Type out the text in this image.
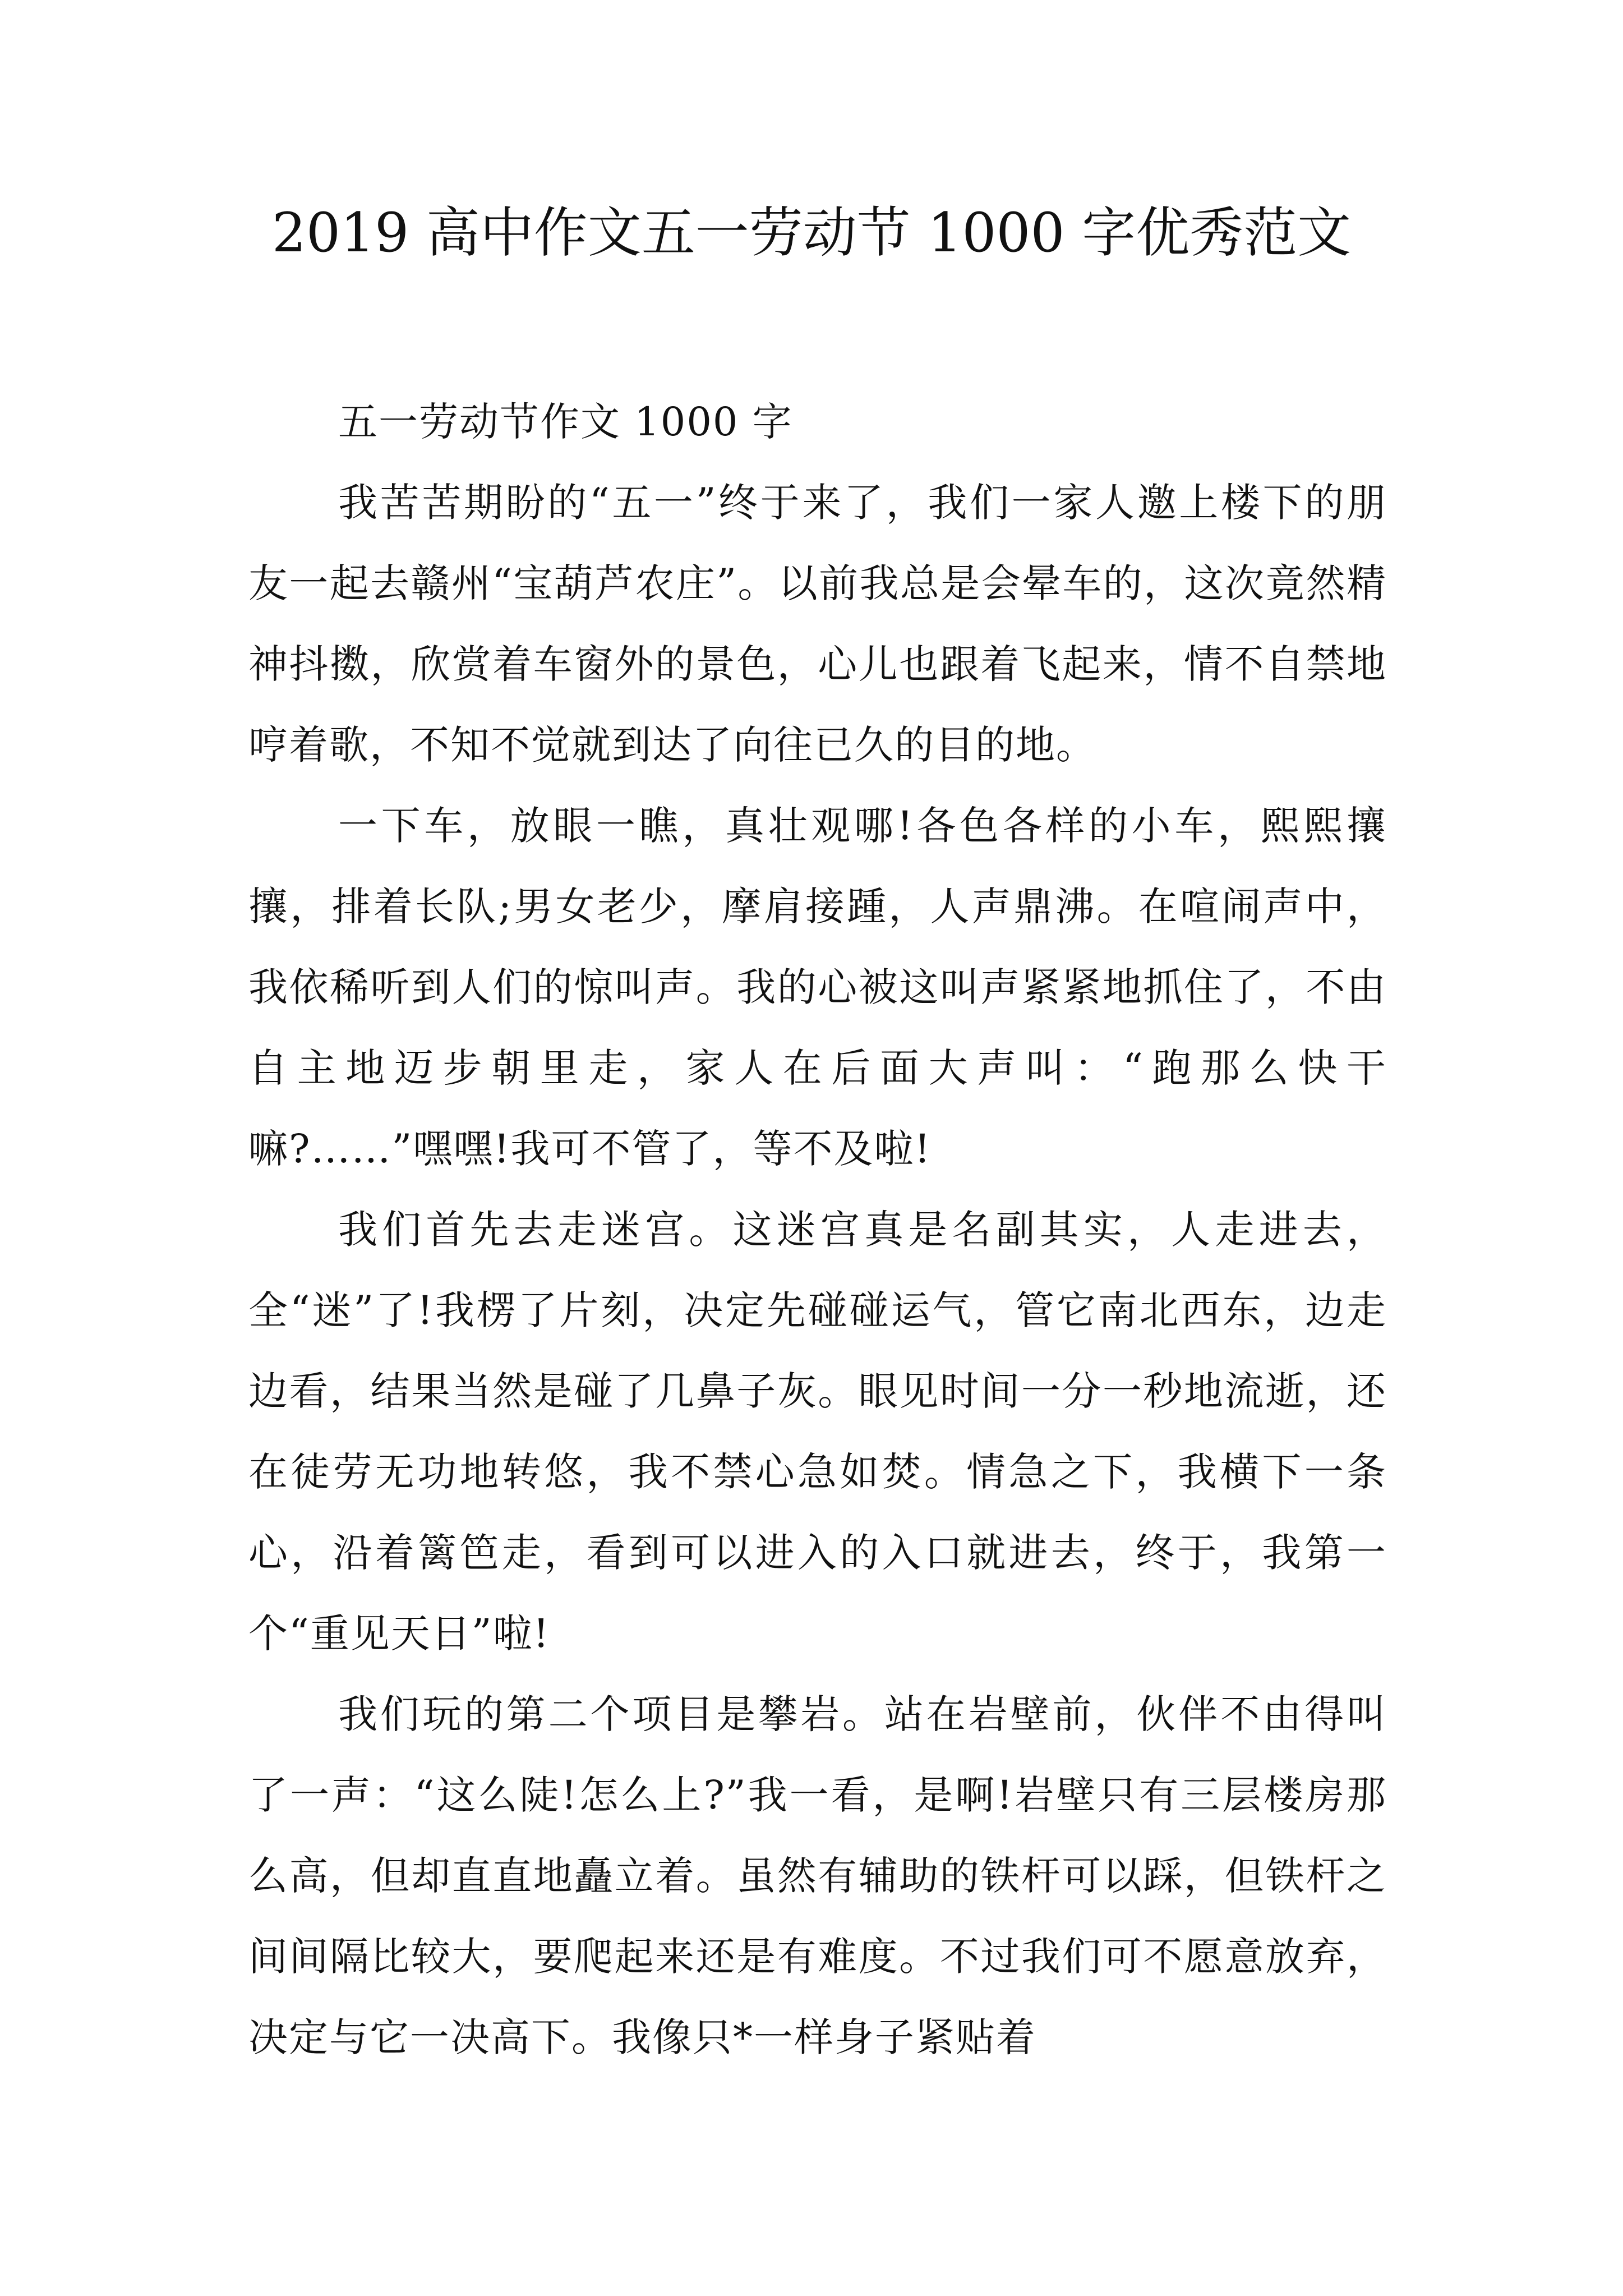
2019 高中作文五一劳动节 1000 字优秀范文

五一劳动节作文 1000 字

我苦苦期盼的“五一”终于来了，我们一家人邀上楼下的朋友一起去赣州“宝葫芦农庄”。以前我总是会晕车的，这次竟然精神抖擞，欣赏着车窗外的景色，心儿也跟着飞起来，情不自禁地哼着歌，不知不觉就到达了向往已久的目的地。

一下车，放眼一瞧，真壮观哪!各色各样的小车，熙熙攘攘，排着长队;男女老少，摩肩接踵，人声鼎沸。在喧闹声中，我依稀听到人们的惊叫声。我的心被这叫声紧紧地抓住了，不由自主地迈步朝里走，家人在后面大声叫：“跑那么快干嘛?……”嘿嘿!我可不管了，等不及啦!

我们首先去走迷宫。这迷宫真是名副其实，人走进去，全“迷”了!我楞了片刻，决定先碰碰运气，管它南北西东，边走边看，结果当然是碰了几鼻子灰。眼见时间一分一秒地流逝，还在徒劳无功地转悠，我不禁心急如焚。情急之下，我横下一条心，沿着篱笆走，看到可以进入的入口就进去，终于，我第一个“重见天日”啦!

我们玩的第二个项目是攀岩。站在岩壁前，伙伴不由得叫了一声：“这么陡!怎么上?”我一看，是啊!岩壁只有三层楼房那么高，但却直直地矗立着。虽然有辅助的铁杆可以踩，但铁杆之间间隔比较大，要爬起来还是有难度。不过我们可不愿意放弃，决定与它一决高下。我像只*一样身子紧贴着
